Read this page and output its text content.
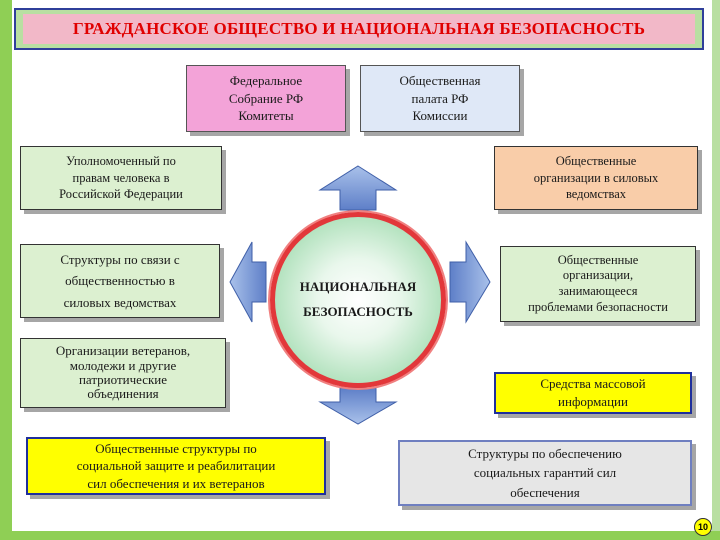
ГРАЖДАНСКОЕ ОБЩЕСТВО И НАЦИОНАЛЬНАЯ БЕЗОПАСНОСТЬ
Федеральное
Собрание РФ
Комитеты
Общественная
палата РФ
Комиссии
Уполномоченный по
правам человека в
Российской Федерации
Структуры по связи с
общественностью в
силовых ведомствах
Организации ветеранов,
молодежи и другие
патриотические
объединения
Общественные
организации в силовых
ведомствах
Общественные
организации,
занимающееся
проблемами безопасности
Средства массовой
информации
Общественные структуры по
социальной защите и реабилитации
сил обеспечения и их ветеранов
Структуры по обеспечению
социальных гарантий сил
обеспечения
НАЦИОНАЛЬНАЯ
БЕЗОПАСНОСТЬ
10
